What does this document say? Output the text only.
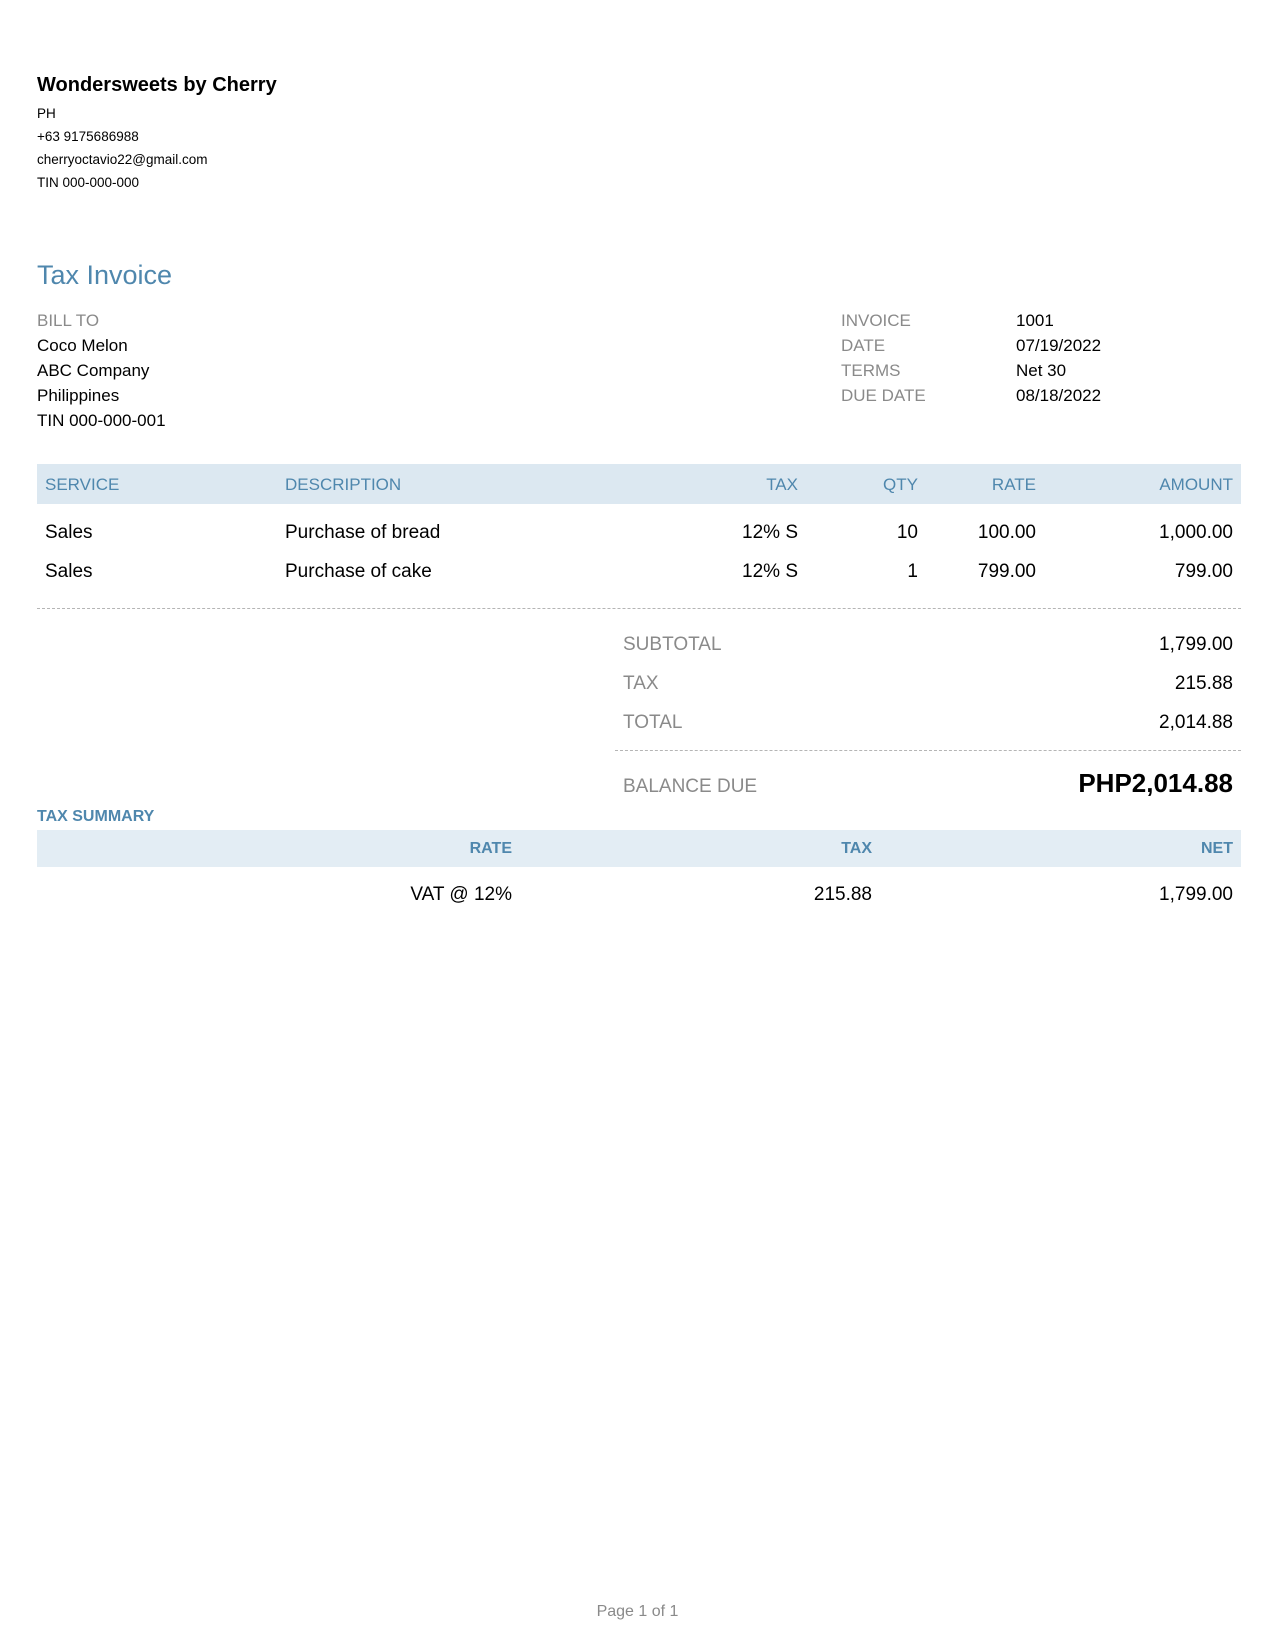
Wondersweets by Cherry
PH
+63 9175686988
cherryoctavio22@gmail.com
TIN 000-000-000
Tax Invoice
BILL TO
Coco Melon
ABC Company
Philippines
TIN 000-000-001
INVOICE	1001
DATE	07/19/2022
TERMS	Net 30
DUE DATE	08/18/2022
SERVICE	DESCRIPTION	TAX	QTY	RATE	AMOUNT
Sales	Purchase of bread	12% S	10	100.00	1,000.00
Sales	Purchase of cake	12% S	1	799.00	799.00
SUBTOTAL	1,799.00
TAX	215.88
TOTAL	2,014.88
BALANCE DUE	PHP2,014.88
TAX SUMMARY
RATE	TAX	NET
VAT @ 12%	215.88	1,799.00
Page 1 of 1
